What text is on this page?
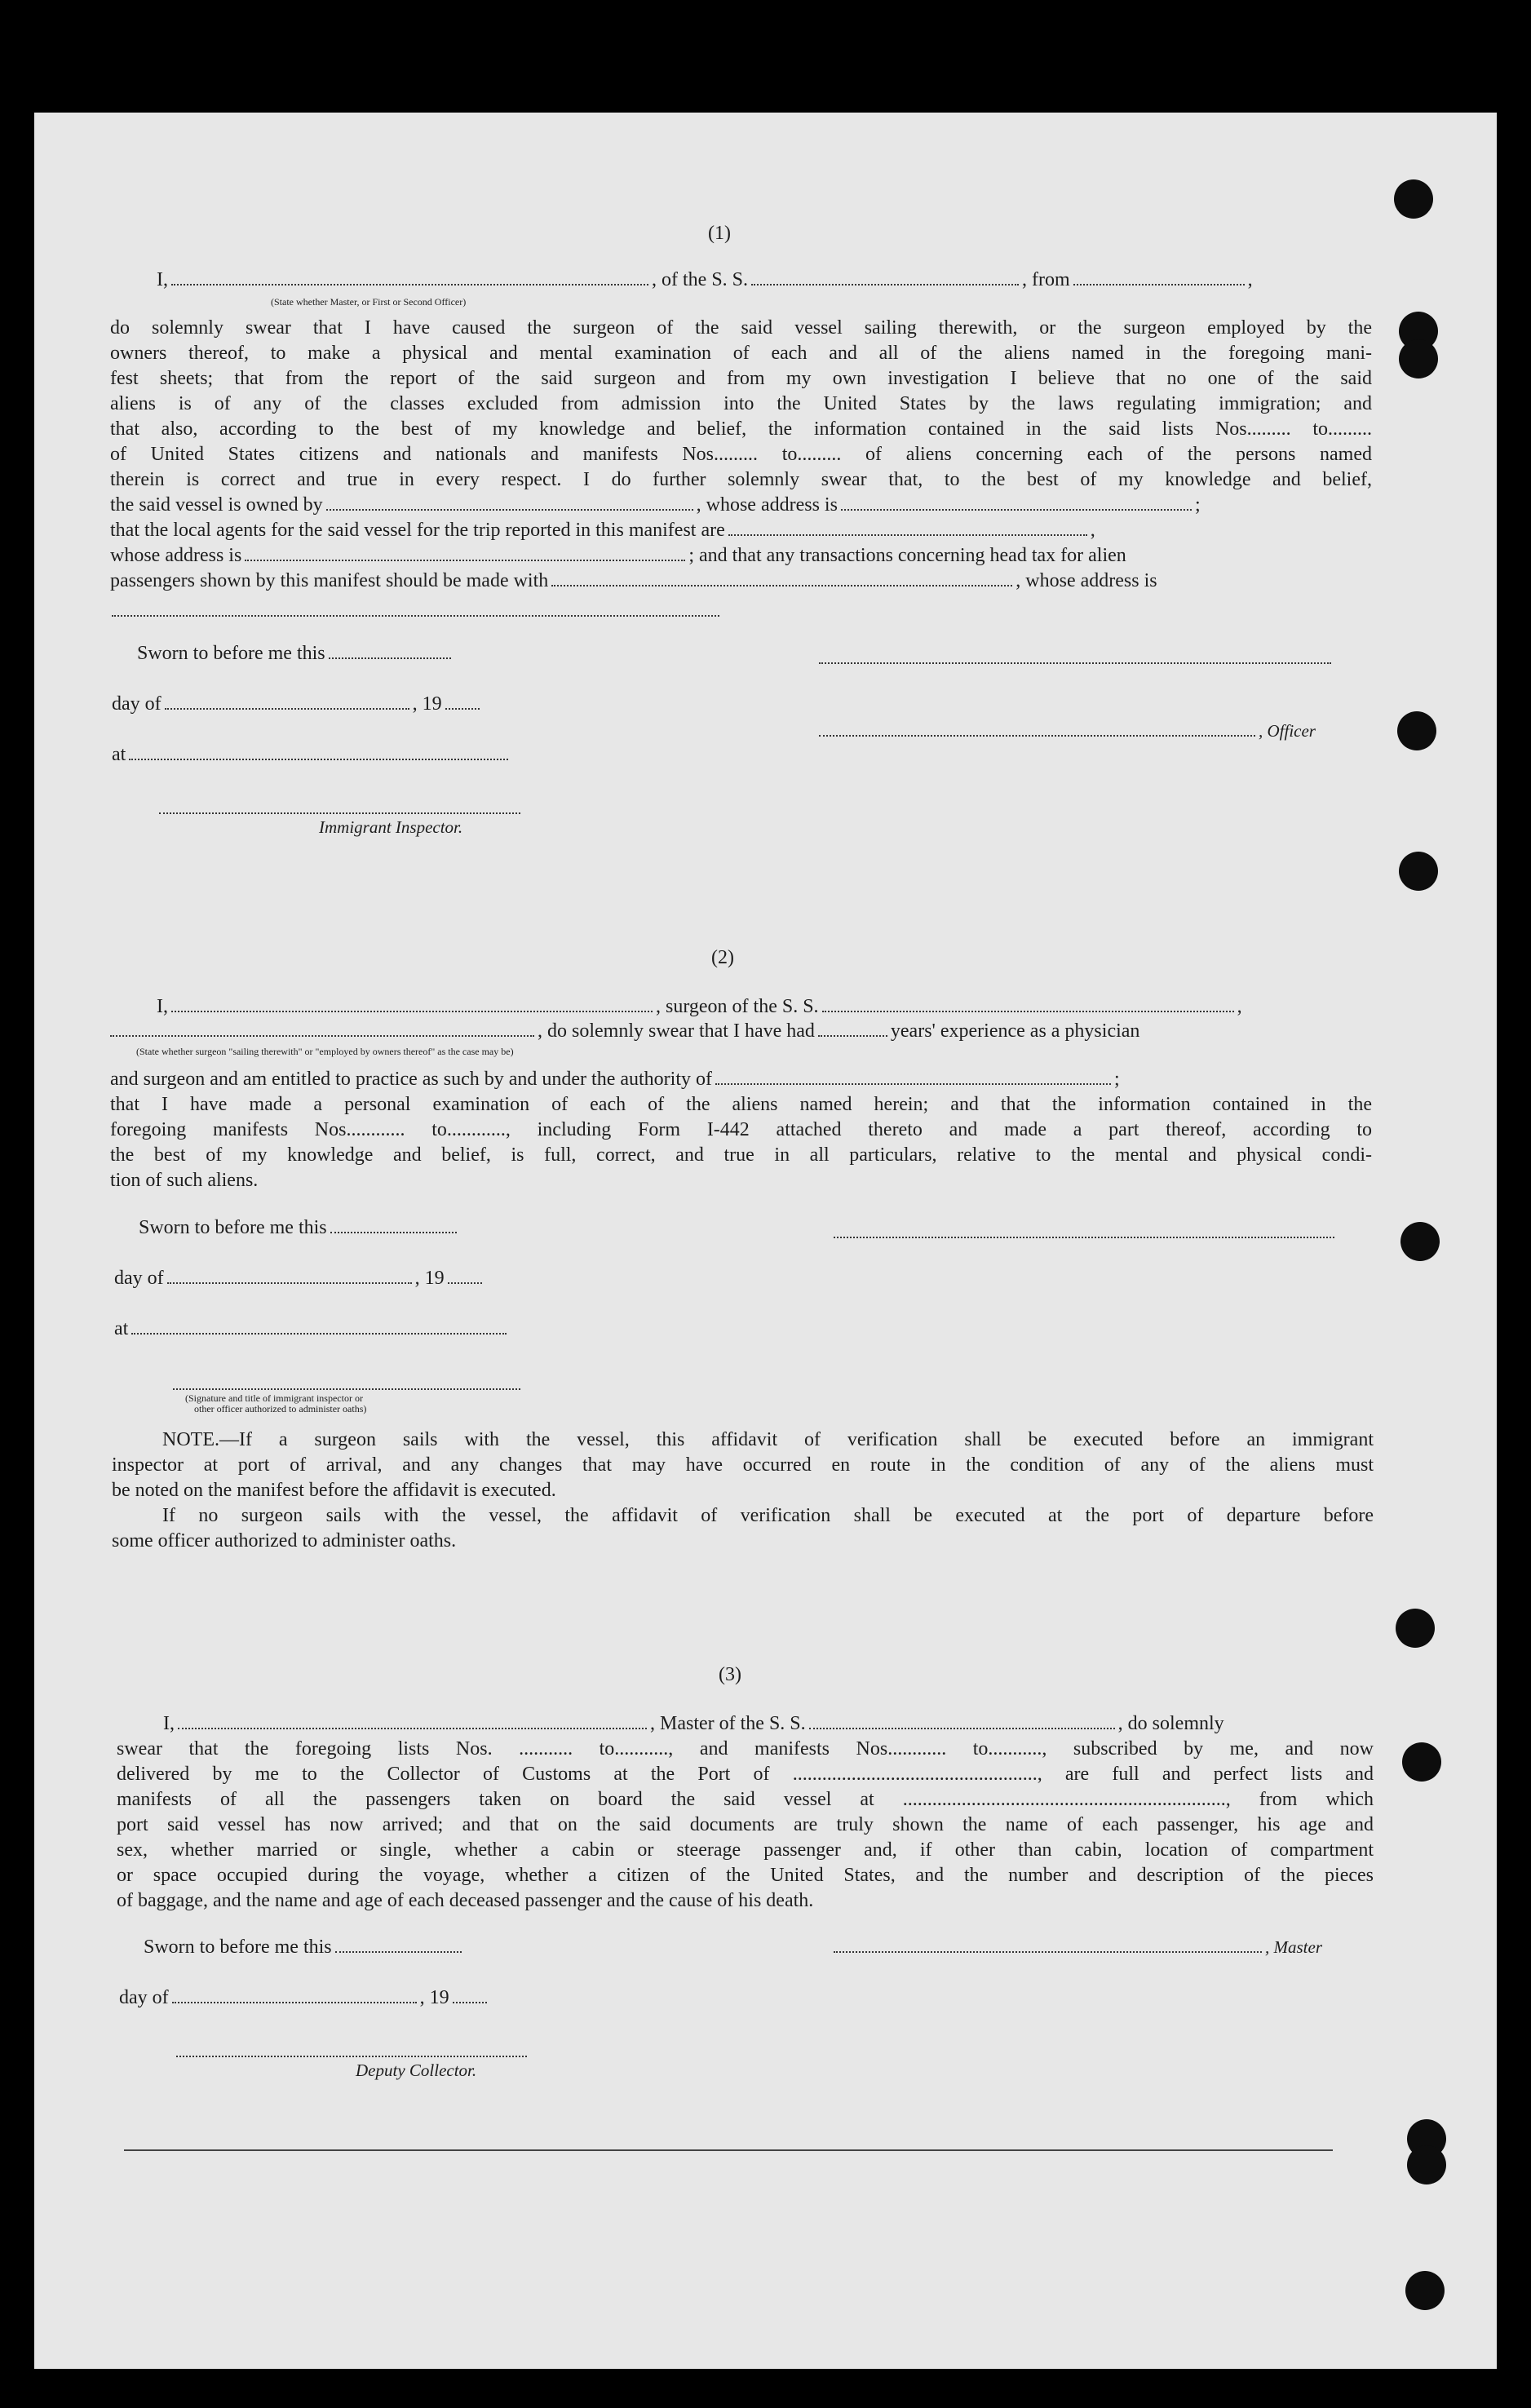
(1)
I,	, of the S. S.	, from	,
(State whether Master, or First or Second Officer)
do solemnly swear that I have caused the surgeon of the said vessel sailing therewith, or the surgeon employed by the
owners thereof, to make a physical and mental examination of each and all of the aliens named in the foregoing mani-
fest sheets; that from the report of the said surgeon and from my own investigation I believe that no one of the said
aliens is of any of the classes excluded from admission into the United States by the laws regulating immigration; and
that also, according to the best of my knowledge and belief, the information contained in the said lists Nos......... to.........
of United States citizens and nationals and manifests Nos......... to......... of aliens concerning each of the persons named
therein is correct and true in every respect. I do further solemnly swear that, to the best of my knowledge and belief,
the said vessel is owned by	, whose address is	;
that the local agents for the said vessel for the trip reported in this manifest are	,
whose address is	; and that any transactions concerning head tax for alien
passengers shown by this manifest should be made with	, whose address is
Sworn to before me this
day of	, 19
, Officer
at
Immigrant Inspector.
(2)
I,	, surgeon of the S. S.	,
, do solemnly swear that I have had	years' experience as a physician
(State whether surgeon "sailing therewith" or "employed by owners thereof" as the case may be)
and surgeon and am entitled to practice as such by and under the authority of	;
that I have made a personal examination of each of the aliens named herein; and that the information contained in the
foregoing manifests Nos............ to............, including Form I-442 attached thereto and made a part thereof, according to
the best of my knowledge and belief, is full, correct, and true in all particulars, relative to the mental and physical condi-
tion of such aliens.
Sworn to before me this
day of	, 19
at
(Signature and title of immigrant inspector or
other officer authorized to administer oaths)
NOTE.—If a surgeon sails with the vessel, this affidavit of verification shall be executed before an immigrant
inspector at port of arrival, and any changes that may have occurred en route in the condition of any of the aliens must
be noted on the manifest before the affidavit is executed.
If no surgeon sails with the vessel, the affidavit of verification shall be executed at the port of departure before
some officer authorized to administer oaths.
(3)
I,	, Master of the S. S.	, do solemnly
swear that the foregoing lists Nos. ........... to..........., and manifests Nos............ to..........., subscribed by me, and now
delivered by me to the Collector of Customs at the Port of .................................................., are full and perfect lists and
manifests of all the passengers taken on board the said vessel at .................................................................., from which
port said vessel has now arrived; and that on the said documents are truly shown the name of each passenger, his age and
sex, whether married or single, whether a cabin or steerage passenger and, if other than cabin, location of compartment
or space occupied during the voyage, whether a citizen of the United States, and the number and description of the pieces
of baggage, and the name and age of each deceased passenger and the cause of his death.
Sworn to before me this	, Master
day of	, 19
Deputy Collector.
